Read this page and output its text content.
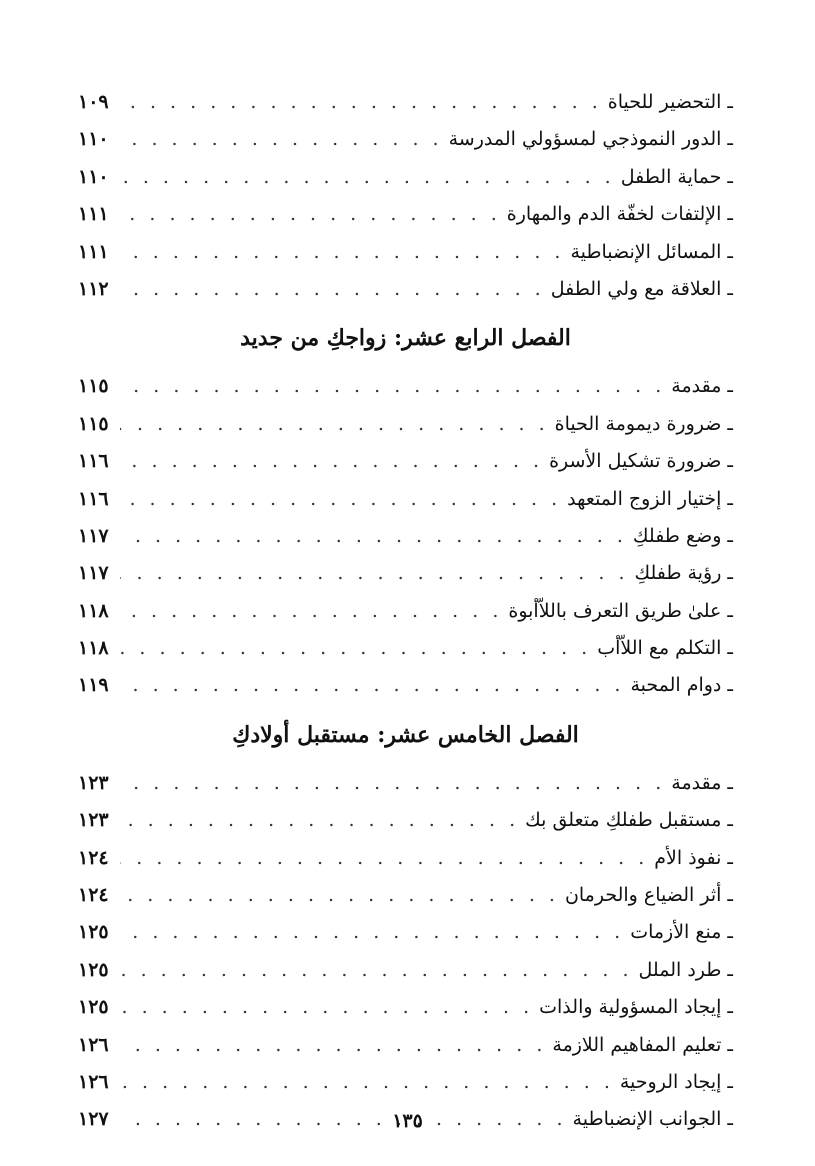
ـ التحضير للحياة
. . .
١٠٩
ـ الدور النموذجي لمسؤولي المدرسة
. . .
١١٠
ـ حماية الطفل
. . .
١١٠
ـ الإلتفات لخفّة الدم والمهارة
. . .
١١١
ـ المسائل الإنضباطية
. . .
١١١
ـ العلاقة مع ولي الطفل
. . .
١١٢
الفصل الرابع عشر: زواجكِ من جديد
ـ مقدمة
. . .
١١٥
ـ ضرورة ديمومة الحياة
. . .
١١٥
ـ ضرورة تشكيل الأسرة
. . .
١١٦
ـ إختيار الزوج المتعهد
. . .
١١٦
ـ وضع طفلكِ
. . .
١١٧
ـ رؤية طفلكِ
. . .
١١٧
ـ علىٰ طريق التعرف باللاّأبوة
. . .
١١٨
ـ التكلم مع اللاّأب
. . .
١١٨
ـ دوام المحبة
. . .
١١٩
الفصل الخامس عشر: مستقبل أولادكِ
ـ مقدمة
. . .
١٢٣
ـ مستقبل طفلكِ متعلق بك
. . .
١٢٣
ـ نفوذ الأم
. . .
١٢٤
ـ أثر الضياع والحرمان
. . .
١٢٤
ـ منع الأزمات
. . .
١٢٥
ـ طرد الملل
. . .
١٢٥
ـ إيجاد المسؤولية والذات
. . .
١٢٥
ـ تعليم المفاهيم اللازمة
. . .
١٢٦
ـ إيجاد الروحية
. . .
١٢٦
ـ الجوانب الإنضباطية
. . .
١٢٧	١٣٥
